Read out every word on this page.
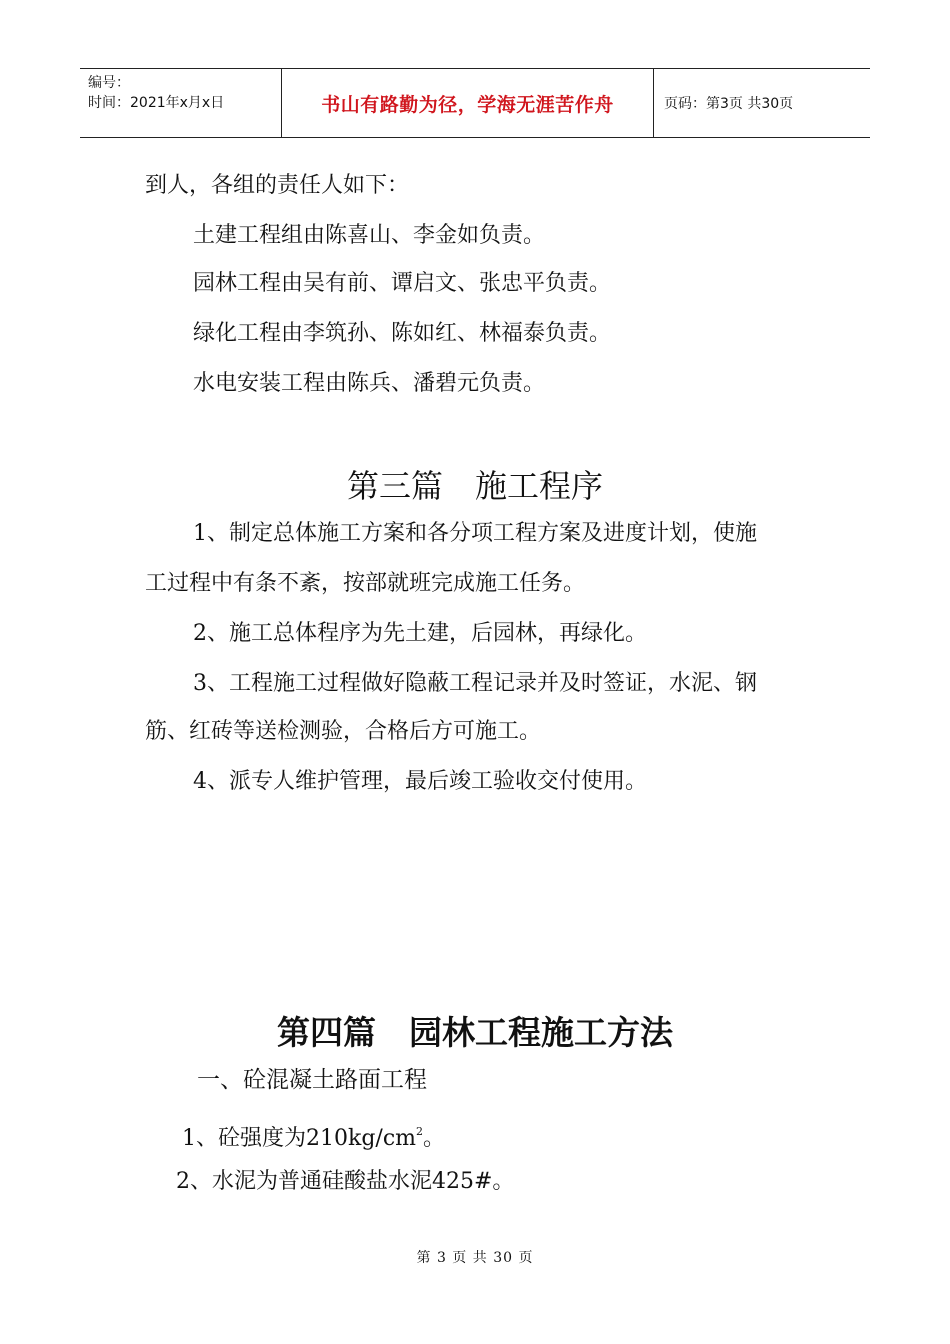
编号：
时间：2021年x月x日	书山有路勤为径，学海无涯苦作舟	页码：第3页 共30页
到人，各组的责任人如下：
土建工程组由陈喜山、李金如负责。
园林工程由吴有前、谭启文、张忠平负责。
绿化工程由李筑孙、陈如红、林福泰负责。
水电安装工程由陈兵、潘碧元负责。
第三篇　施工程序
1、制定总体施工方案和各分项工程方案及进度计划，使施
工过程中有条不紊，按部就班完成施工任务。
2、施工总体程序为先土建，后园林，再绿化。
3、工程施工过程做好隐蔽工程记录并及时签证，水泥、钢
筋、红砖等送检测验，合格后方可施工。
4、派专人维护管理，最后竣工验收交付使用。
第四篇　园林工程施工方法
一、砼混凝土路面工程
1、砼强度为$210kg/cm^2$。
2、水泥为普通硅酸盐水泥425#。
第 3 页 共 30 页
